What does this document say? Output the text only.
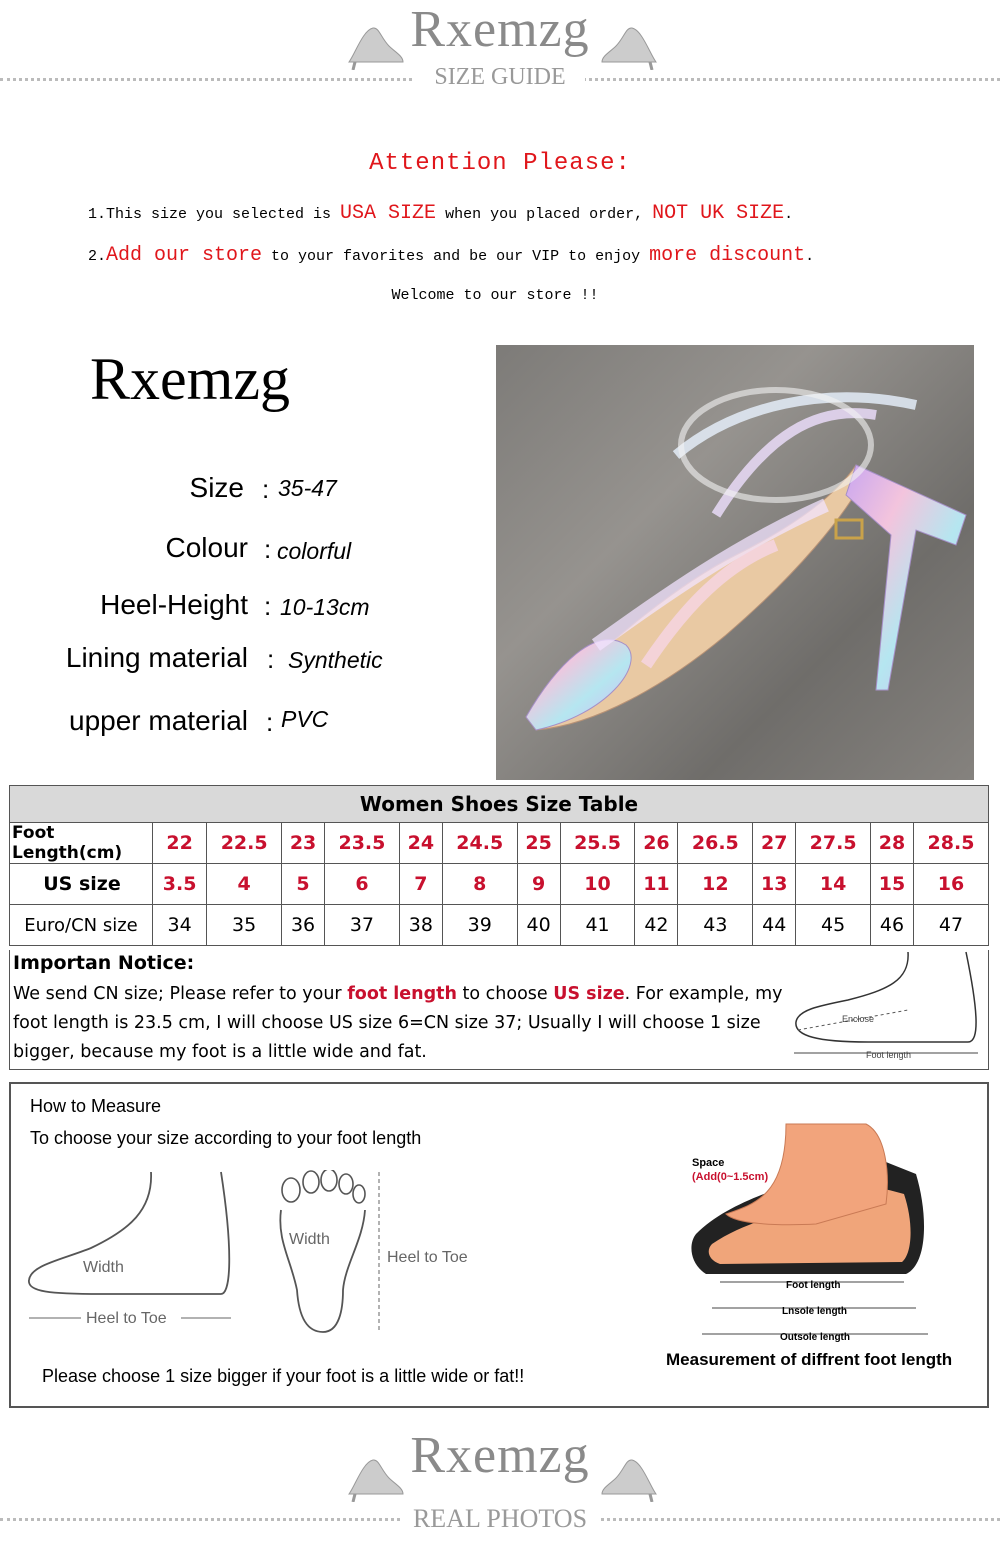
Rxemzg
SIZE GUIDE
Attention Please:
1.This size you selected is USA SIZE when you placed order, NOT UK SIZE.
2.Add our store to your favorites and be our VIP to enjoy more discount.
Welcome to our store !!
Rxemzg
Size : 35-47
Colour : colorful
Heel-Height : 10-13cm
Lining material : Synthetic
upper material : PVC
Women Shoes Size Table														
Foot Length(cm)	22	22.5	23	23.5	24	24.5	25	25.5	26	26.5	27	27.5	28	28.5
US size	3.5	4	5	6	7	8	9	10	11	12	13	14	15	16
Euro/CN size	34	35	36	37	38	39	40	41	42	43	44	45	46	47
Importan Notice:
We send CN size; Please refer to your foot length to choose US size. For example, my foot length is 23.5 cm, I will choose US size 6=CN size 37; Usually I will choose 1 size bigger, because my foot is a little wide and fat.
Enclose
Foot length
How to Measure
To choose your size according to your foot length
Width
Heel to Toe
Width
Heel to Toe
Please choose 1 size bigger if your foot is a little wide or fat!!
Space
(Add(0~1.5cm)
Foot length
Lnsole length
Outsole length
Measurement of diffrent foot length
Rxemzg
REAL PHOTOS
